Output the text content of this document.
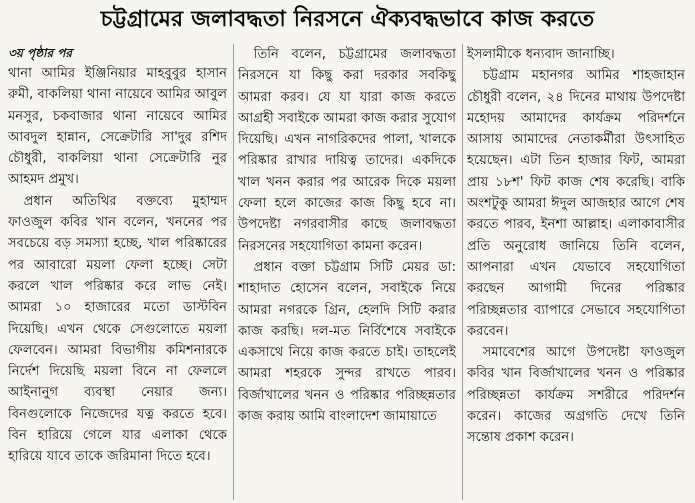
চট্টগ্রামের জলাবদ্ধতা নিরসনে ঐক্যবদ্ধভাবে কাজ করতে
৩য় পৃষ্ঠার পর

থানা আমির ইঞ্জিনিয়ার মাহবুবুর হাসান রুমী, বাকলিয়া থানা নায়েবে আমির আবুল মনসুর, চকবাজার থানা নায়েবে আমির আবদুল হান্নান, সেক্রেটারি সা'দুর রশিদ চৌধুরী, বাকলিয়া থানা সেক্রেটারি নুর আহমদ প্রমুখ।

প্রধান অতিথির বক্তব্যে মুহাম্মদ ফাওজুল কবির খান বলেন, খননের পর সবচেয়ে বড় সমস্যা হচ্ছে, খাল পরিষ্কারের পর আবারো ময়লা ফেলা হচ্ছে। সেটা করলে খাল পরিষ্কার করে লাভ নেই। আমরা ১০ হাজারের মতো ডাস্টবিন দিয়েছি। এখন থেকে সেগুলোতে ময়লা ফেলবেন। আমরা বিভাগীয় কমিশনারকে নির্দেশ দিয়েছি ময়লা বিনে না ফেললে আইনানুগ ব্যবস্থা নেয়ার জন্য। বিনগুলোকে নিজেদের যত্ন করতে হবে। বিন হারিয়ে গেলে যার এলাকা থেকে হারিয়ে যাবে তাকে জরিমানা দিতে হবে।

তিনি বলেন, চট্টগ্রামের জলাবদ্ধতা নিরসনে যা কিছু করা দরকার সবকিছু আমরা করব। যে যা যারা কাজ করতে আগ্রহী সবাইকে আমরা কাজ করার সুযোগ দিয়েছি। এখন নাগরিকদের পালা, খালকে পরিষ্কার রাখার দায়িত্ব তাদের। একদিকে খাল খনন করার পর আরেক দিকে ময়লা ফেলা হলে কাজের কাজ কিছু হবে না। উপদেষ্টা নগরবাসীর কাছে জলাবদ্ধতা নিরসনের সহযোগিতা কামনা করেন।

প্রধান বক্তা চট্টগ্রাম সিটি মেয়র ডা: শাহাদাত হোসেন বলেন, সবাইকে নিয়ে আমরা নগরকে গ্রিন, হেলদি সিটি করার কাজ করছি। দল-মত নির্বিশেষে সবাইকে একসাথে নিয়ে কাজ করতে চাই। তাহলেই আমরা শহরকে সুন্দর রাখতে পারব। বির্জাখালের খনন ও পরিষ্কার পরিচ্ছন্নতার কাজ করায় আমি বাংলাদেশ জামায়াতে

ইসলামীকে ধন্যবাদ জানাচ্ছি।

চট্টগ্রাম মহানগর আমির শাহজাহান চৌধুরী বলেন, ২৪ দিনের মাথায় উপদেষ্টা মহোদয় আমাদের কার্যক্রম পরিদর্শনে আসায় আমাদের নেতাকর্মীরা উৎসাহিত হয়েছেন। এটা তিন হাজার ফিট, আমরা প্রায় ১৮শ' ফিট কাজ শেষ করেছি। বাকি অংশটুকু আমরা ঈদুল আজহার আগে শেষ করতে পারব, ইনশা আল্লাহ। এলাকাবাসীর প্রতি অনুরোধ জানিয়ে তিনি বলেন, আপনারা এখন যেভাবে সহযোগিতা করছেন আগামী দিনের পরিষ্কার পরিচ্ছন্নতার ব্যাপারে সেভাবে সহযোগিতা করবেন।

সমাবেশের আগে উপদেষ্টা ফাওজুল কবির খান বির্জাখালের খনন ও পরিষ্কার পরিচ্ছন্নতা কার্যক্রম সশরীরে পরিদর্শন করেন। কাজের অগ্রগতি দেখে তিনি সন্তোষ প্রকাশ করেন।
